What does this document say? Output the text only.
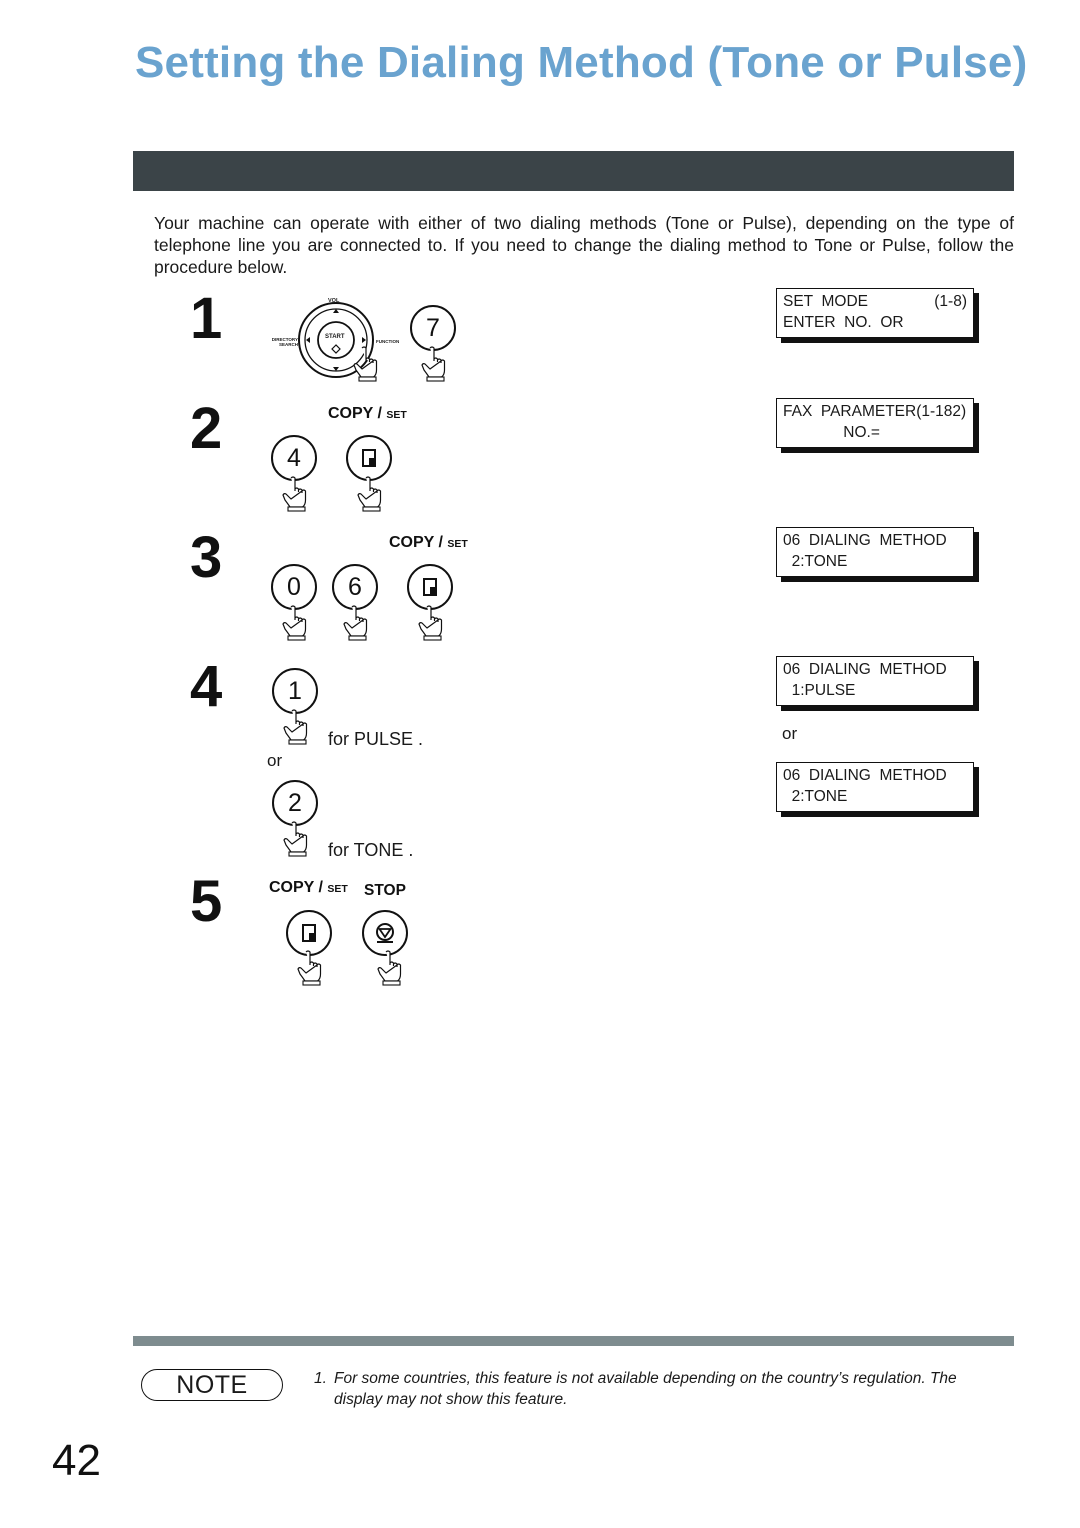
Setting the Dialing Method (Tone or Pulse)
Your machine can operate with either of two dialing methods (Tone or Pulse), depending on the type of telephone line you are connected to. If you need to change the dialing method to Tone or Pulse, follow the procedure below.
1	VOL
START
DIRECTORY SEARCH
FUNCTION	7
2	COPY / SET
4
3	COPY / SET
0	6
4	1
for PULSE .
or
2
for TONE .
5	COPY / SET STOP
SET  MODE	(1-8)
ENTER  NO.  OR
FAX  PARAMETER(1-182)
NO.=
06  DIALING  METHOD
2:TONE
06  DIALING  METHOD
1:PULSE
or
06  DIALING  METHOD
2:TONE
NOTE	1. For some countries, this feature is not available depending on the country’s regulation. The display may not show this feature.
42
